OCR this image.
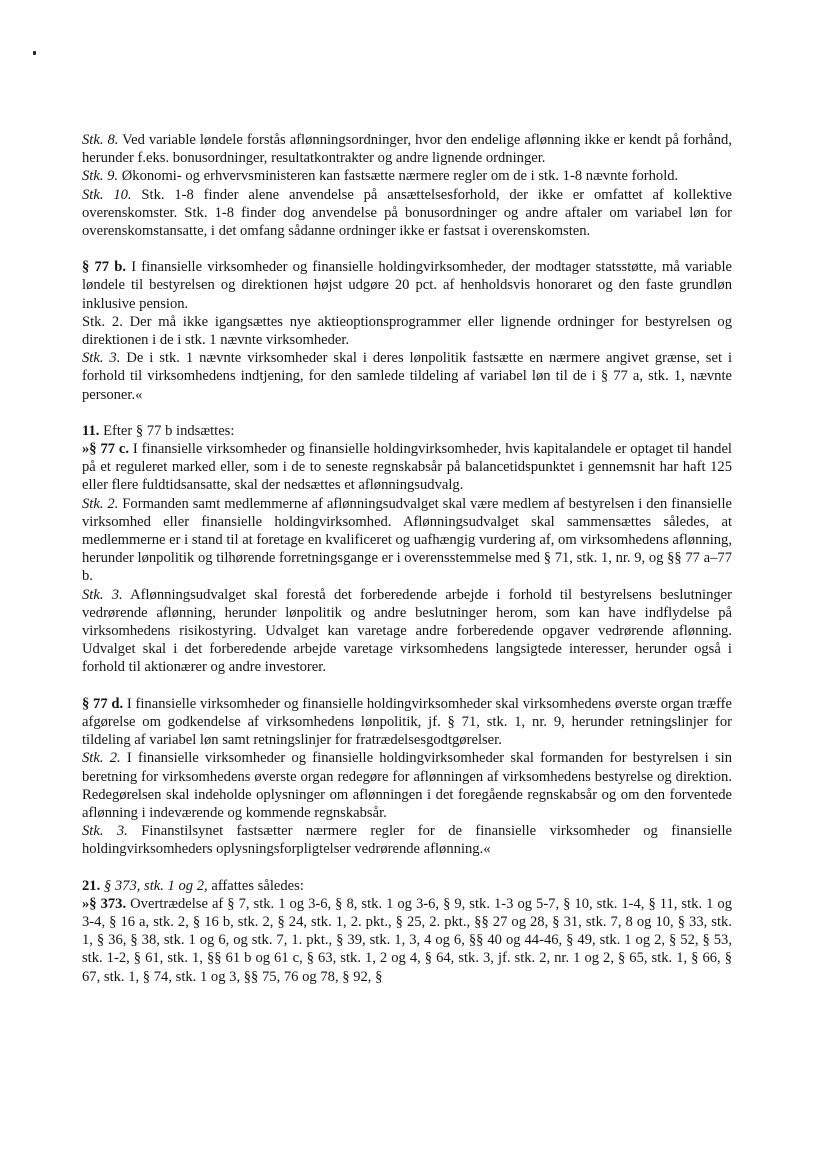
Stk. 8. Ved variable løndele forstås aflønningsordninger, hvor den endelige aflønning ikke er kendt på forhånd, herunder f.eks. bonusordninger, resultatkontrakter og andre lignende ordninger.

Stk. 9. Økonomi- og erhvervsministeren kan fastsætte nærmere regler om de i stk. 1-8 nævnte forhold.

Stk. 10. Stk. 1-8 finder alene anvendelse på ansættelsesforhold, der ikke er omfattet af kollektive overenskomster. Stk. 1-8 finder dog anvendelse på bonusordninger og andre aftaler om variabel løn for overenskomstansatte, i det omfang sådanne ordninger ikke er fastsat i overenskomsten.

§ 77 b. I finansielle virksomheder og finansielle holdingvirksomheder, der modtager statsstøtte, må variable løndele til bestyrelsen og direktionen højst udgøre 20 pct. af henholdsvis honoraret og den faste grundløn inklusive pension.

Stk. 2. Der må ikke igangsættes nye aktieoptionsprogrammer eller lignende ordninger for bestyrelsen og direktionen i de i stk. 1 nævnte virksomheder.

Stk. 3. De i stk. 1 nævnte virksomheder skal i deres lønpolitik fastsætte en nærmere angivet grænse, set i forhold til virksomhedens indtjening, for den samlede tildeling af variabel løn til de i § 77 a, stk. 1, nævnte personer.«

11. Efter § 77 b indsættes:

»§ 77 c. I finansielle virksomheder og finansielle holdingvirksomheder, hvis kapitalandele er optaget til handel på et reguleret marked eller, som i de to seneste regnskabsår på balancetidspunktet i gennemsnit har haft 125 eller flere fuldtidsansatte, skal der nedsættes et aflønningsudvalg.

Stk. 2. Formanden samt medlemmerne af aflønningsudvalget skal være medlem af bestyrelsen i den finansielle virksomhed eller finansielle holdingvirksomhed. Aflønningsudvalget skal sammensættes således, at medlemmerne er i stand til at foretage en kvalificeret og uafhængig vurdering af, om virksomhedens aflønning, herunder lønpolitik og tilhørende forretningsgange er i overensstemmelse med § 71, stk. 1, nr. 9, og §§ 77 a–77 b.

Stk. 3. Aflønningsudvalget skal forestå det forberedende arbejde i forhold til bestyrelsens beslutninger vedrørende aflønning, herunder lønpolitik og andre beslutninger herom, som kan have indflydelse på virksomhedens risikostyring. Udvalget kan varetage andre forberedende opgaver vedrørende aflønning. Udvalget skal i det forberedende arbejde varetage virksomhedens langsigtede interesser, herunder også i forhold til aktionærer og andre investorer.

§ 77 d. I finansielle virksomheder og finansielle holdingvirksomheder skal virksomhedens øverste organ træffe afgørelse om godkendelse af virksomhedens lønpolitik, jf. § 71, stk. 1, nr. 9, herunder retningslinjer for tildeling af variabel løn samt retningslinjer for fratrædelsesgodtgørelser.

Stk. 2. I finansielle virksomheder og finansielle holdingvirksomheder skal formanden for bestyrelsen i sin beretning for virksomhedens øverste organ redegøre for aflønningen af virksomhedens bestyrelse og direktion. Redegørelsen skal indeholde oplysninger om aflønningen i det foregående regnskabsår og om den forventede aflønning i indeværende og kommende regnskabsår.

Stk. 3. Finanstilsynet fastsætter nærmere regler for de finansielle virksomheder og finansielle holdingvirksomheders oplysningsforpligtelser vedrørende aflønning.«

21. § 373, stk. 1 og 2, affattes således:

»§ 373. Overtrædelse af § 7, stk. 1 og 3-6, § 8, stk. 1 og 3-6, § 9, stk. 1-3 og 5-7, § 10, stk. 1-4, § 11, stk. 1 og 3-4, § 16 a, stk. 2, § 16 b, stk. 2, § 24, stk. 1, 2. pkt., § 25, 2. pkt., §§ 27 og 28, § 31, stk. 7, 8 og 10, § 33, stk. 1, § 36, § 38, stk. 1 og 6, og stk. 7, 1. pkt., § 39, stk. 1, 3, 4 og 6, §§ 40 og 44-46, § 49, stk. 1 og 2, § 52, § 53, stk. 1-2, § 61, stk. 1, §§ 61 b og 61 c, § 63, stk. 1, 2 og 4, § 64, stk. 3, jf. stk. 2, nr. 1 og 2, § 65, stk. 1, § 66, § 67, stk. 1, § 74, stk. 1 og 3, §§ 75, 76 og 78, § 92, §
